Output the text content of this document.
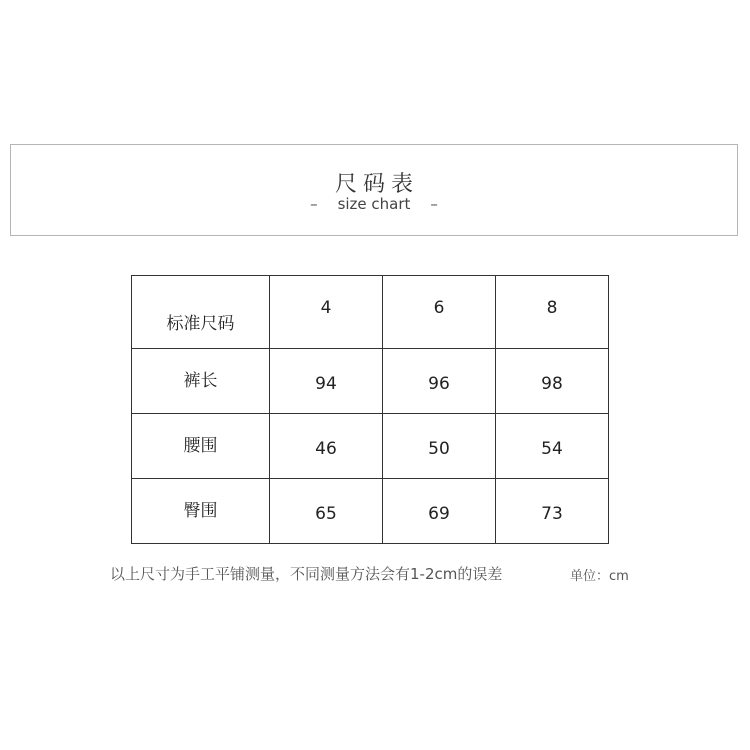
尺码表
– size chart –
标准尺码	4	6	8
裤长	94	96	98
腰围	46	50	54
臀围	65	69	73
以上尺寸为手工平铺测量，不同测量方法会有1-2cm的误差	单位：cm
